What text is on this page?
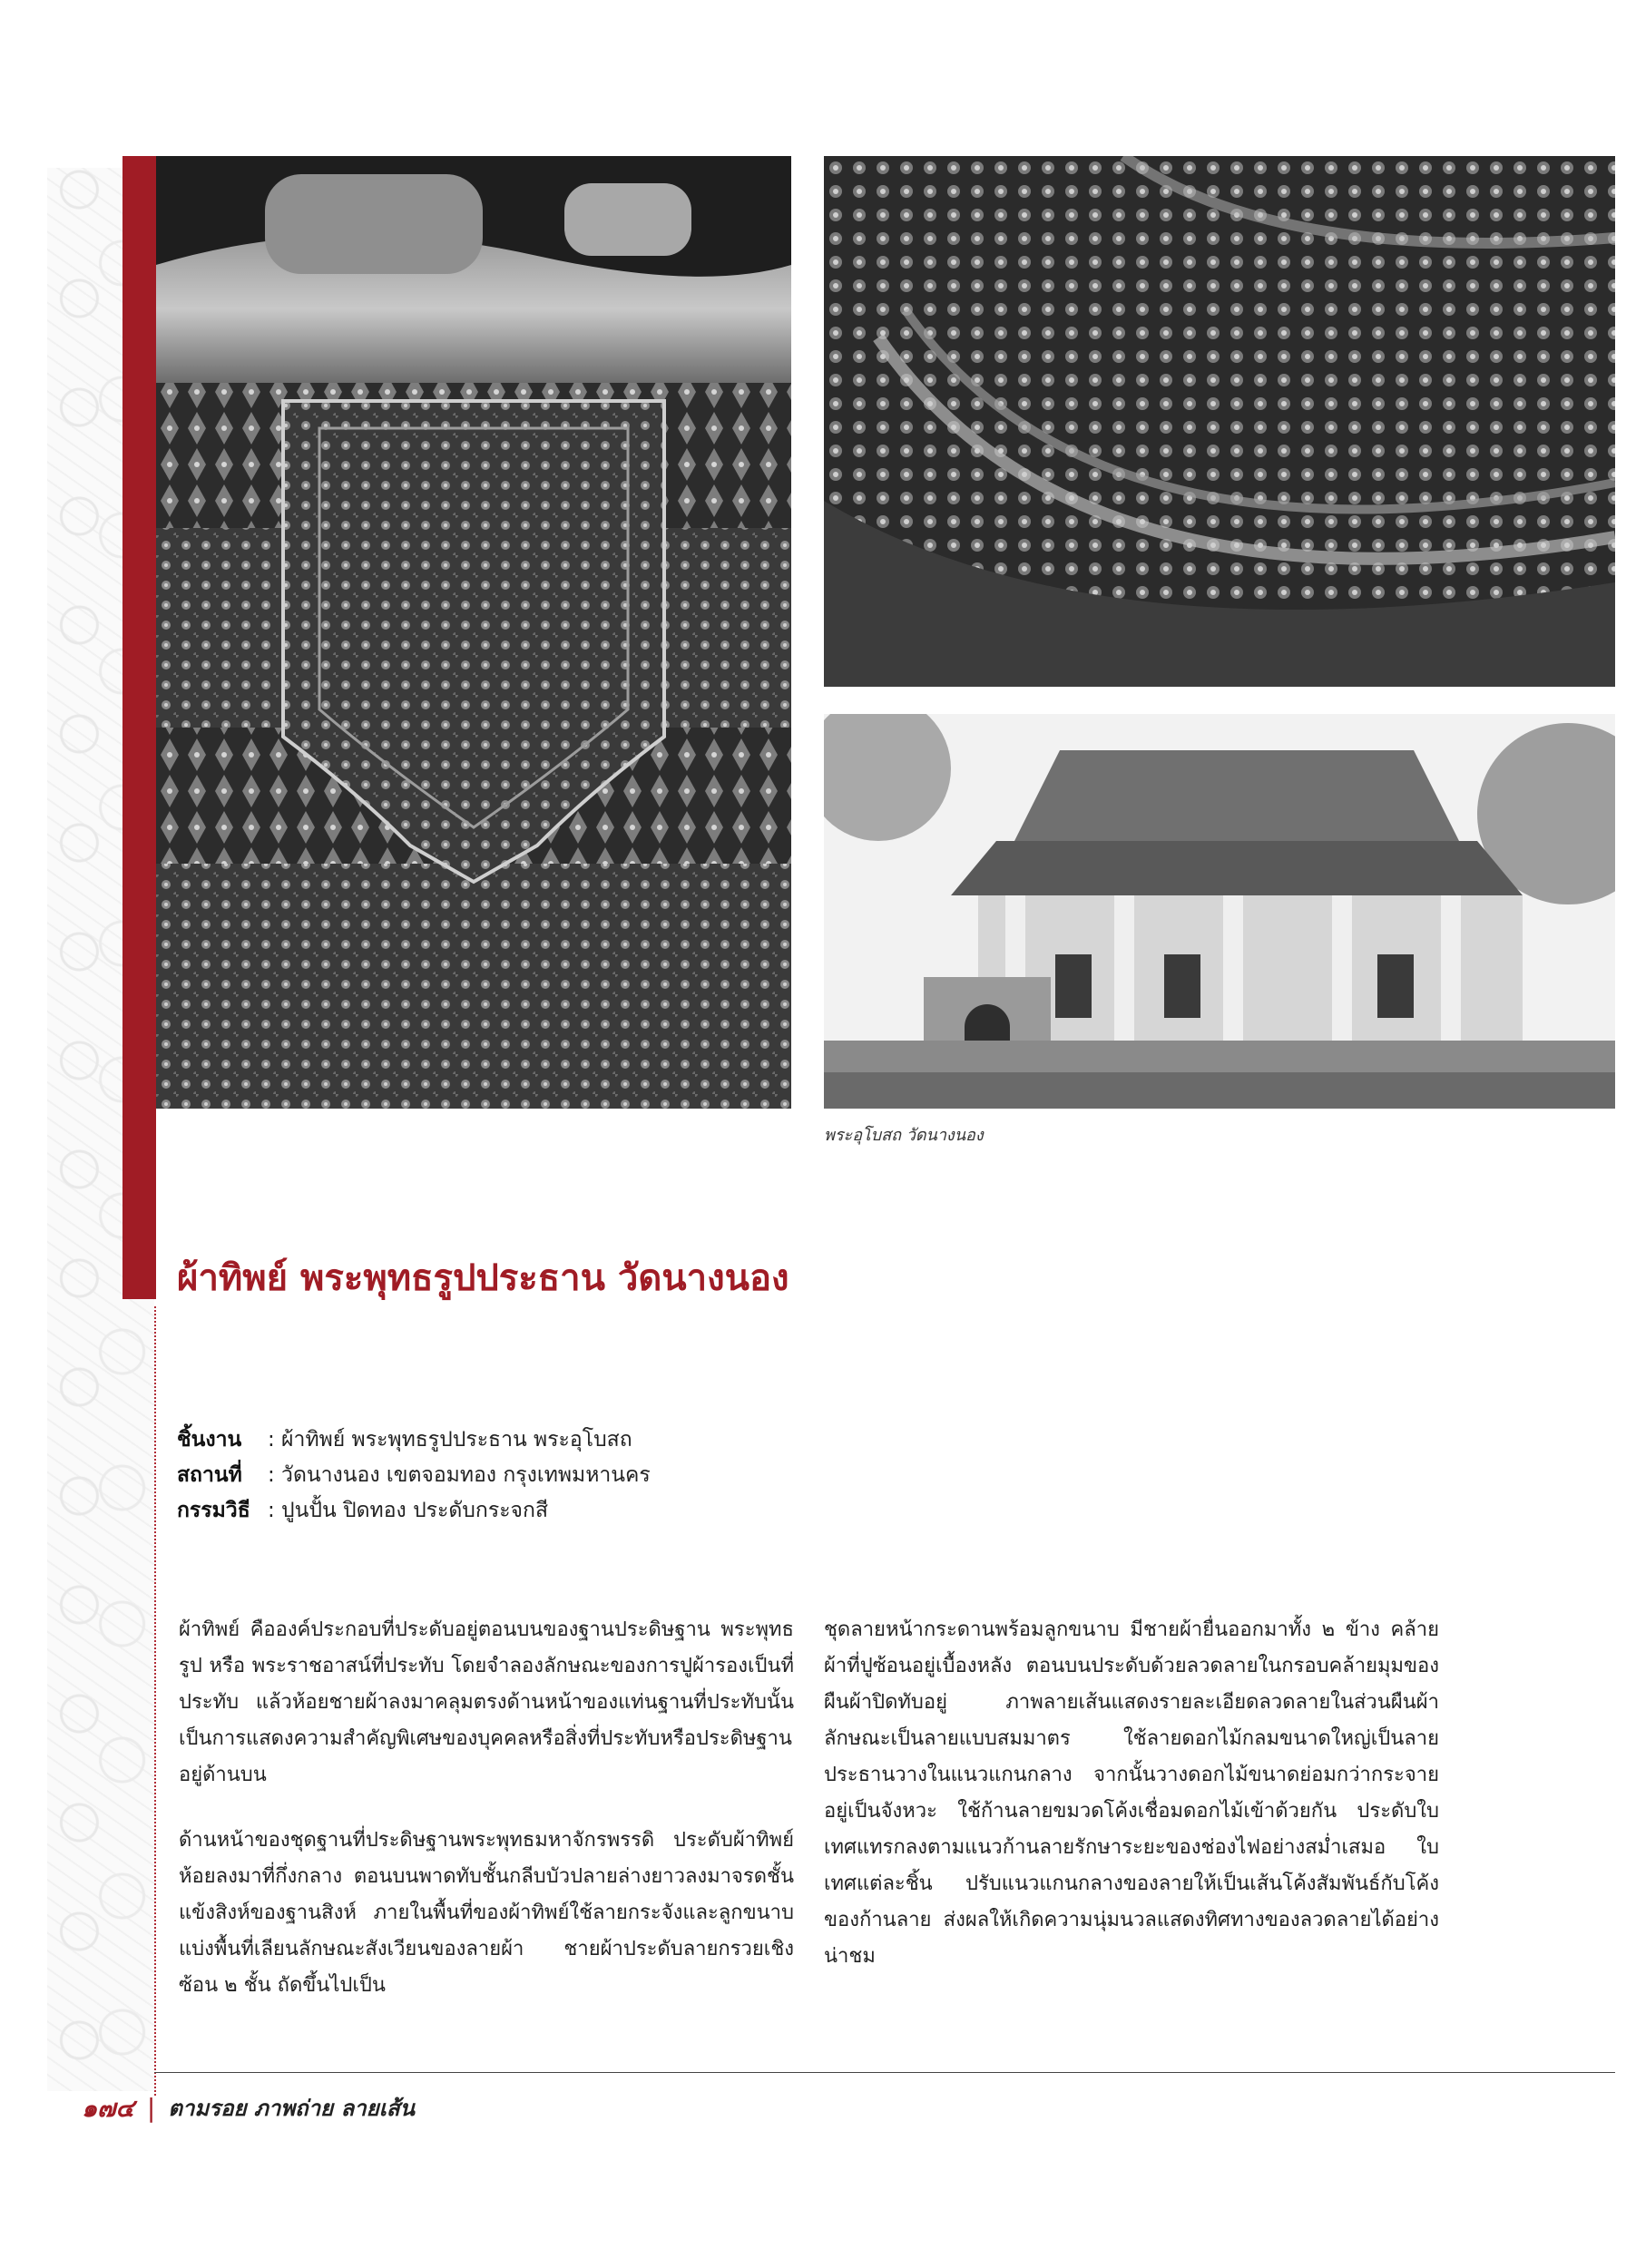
พระอุโบสถ วัดนางนอง
ผ้าทิพย์ พระพุทธรูปประธาน วัดนางนอง
ชิ้นงาน	: ผ้าทิพย์ พระพุทธรูปประธาน พระอุโบสถ
สถานที่	: วัดนางนอง เขตจอมทอง กรุงเทพมหานคร
กรรมวิธี : ปูนปั้น ปิดทอง ประดับกระจกสี

ผ้าทิพย์ คือองค์ประกอบที่ประดับอยู่ตอนบนของฐานประดิษฐาน พระพุทธรูป หรือ พระราชอาสน์ที่ประทับ โดยจำลองลักษณะของการปูผ้ารองเป็นที่ประทับ แล้วห้อยชายผ้าลงมาคลุมตรงด้านหน้าของแท่นฐานที่ประทับนั้น เป็นการแสดงความสำคัญพิเศษของบุคคลหรือสิ่งที่ประทับหรือประดิษฐานอยู่ด้านบน

ด้านหน้าของชุดฐานที่ประดิษฐานพระพุทธมหาจักรพรรดิ ประดับผ้าทิพย์ห้อยลงมาที่กึ่งกลาง ตอนบนพาดทับชั้นกลีบบัวปลายล่างยาวลงมาจรดชั้นแข้งสิงห์ของฐานสิงห์ ภายในพื้นที่ของผ้าทิพย์ใช้ลายกระจังและลูกขนาบแบ่งพื้นที่เลียนลักษณะสังเวียนของลายผ้า ชายผ้าประดับลายกรวยเชิงซ้อน ๒ ชั้น ถัดขึ้นไปเป็น

ชุดลายหน้ากระดานพร้อมลูกขนาบ มีชายผ้ายื่นออกมาทั้ง ๒ ข้าง คล้ายผ้าที่ปูซ้อนอยู่เบื้องหลัง ตอนบนประดับด้วยลวดลายในกรอบคล้ายมุมของผืนผ้าปิดทับอยู่ ภาพลายเส้นแสดงรายละเอียดลวดลายในส่วนผืนผ้า ลักษณะเป็นลายแบบสมมาตร ใช้ลายดอกไม้กลมขนาดใหญ่เป็นลายประธานวางในแนวแกนกลาง จากนั้นวางดอกไม้ขนาดย่อมกว่ากระจายอยู่เป็นจังหวะ ใช้ก้านลายขมวดโค้งเชื่อมดอกไม้เข้าด้วยกัน ประดับใบเทศแทรกลงตามแนวก้านลายรักษาระยะของช่องไฟอย่างสม่ำเสมอ ใบเทศแต่ละชิ้น ปรับแนวแกนกลางของลายให้เป็นเส้นโค้งสัมพันธ์กับโค้งของก้านลาย ส่งผลให้เกิดความนุ่มนวลแสดงทิศทางของลวดลายได้อย่างน่าชม

๑๗๔ | ตามรอย ภาพถ่าย ลายเส้น
